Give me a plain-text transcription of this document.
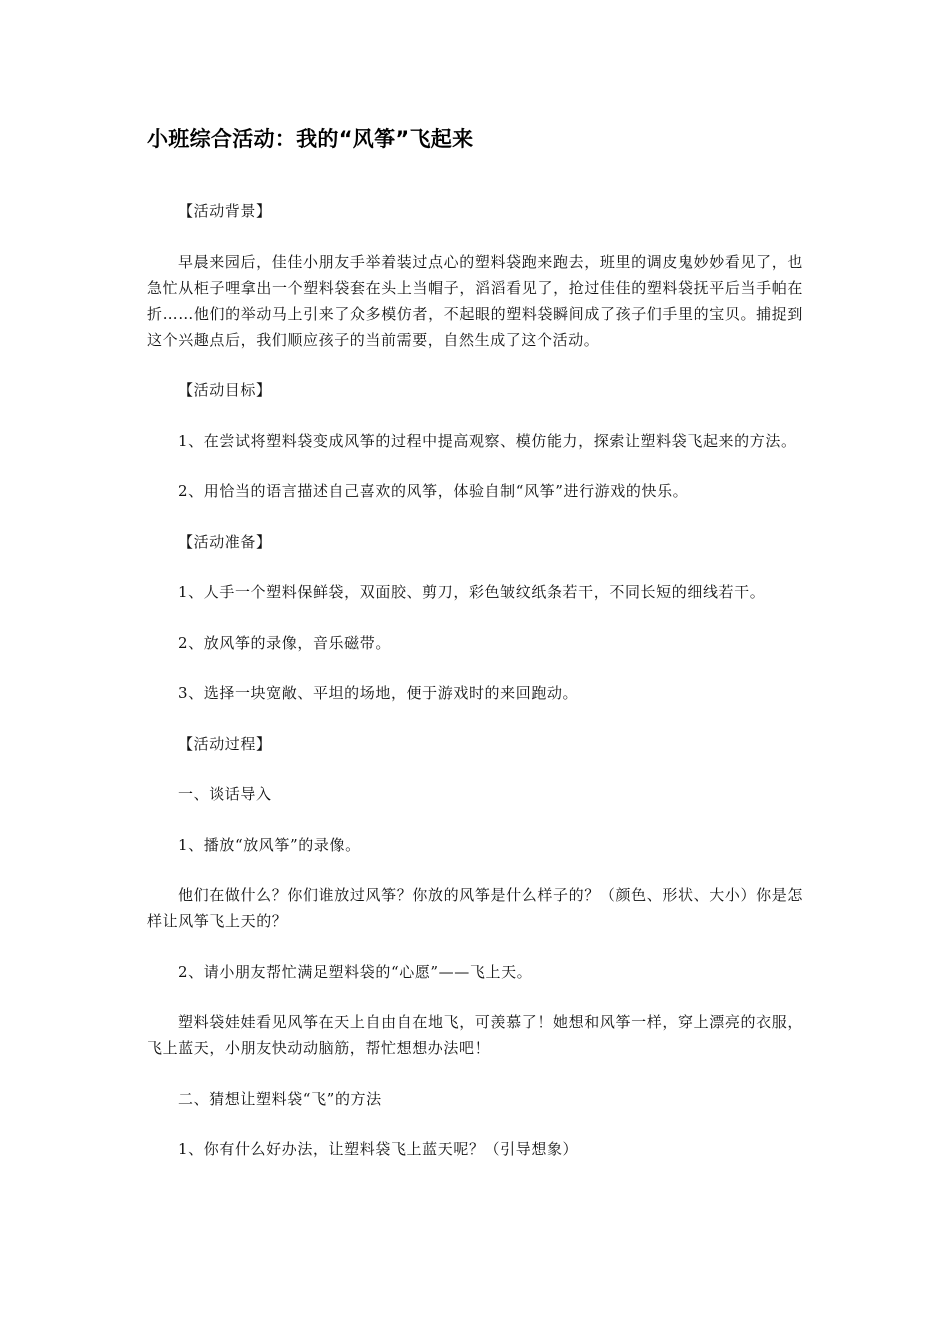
小班综合活动：我的“风筝”飞起来

【活动背景】

早晨来园后，佳佳小朋友手举着装过点心的塑料袋跑来跑去，班里的调皮鬼妙妙看见了，也急忙从柜子哩拿出一个塑料袋套在头上当帽子，滔滔看见了，抢过佳佳的塑料袋抚平后当手帕在折……他们的举动马上引来了众多模仿者，不起眼的塑料袋瞬间成了孩子们手里的宝贝。捕捉到这个兴趣点后，我们顺应孩子的当前需要，自然生成了这个活动。

【活动目标】

1、在尝试将塑料袋变成风筝的过程中提高观察、模仿能力，探索让塑料袋飞起来的方法。

2、用恰当的语言描述自己喜欢的风筝，体验自制“风筝”进行游戏的快乐。

【活动准备】

1、人手一个塑料保鲜袋，双面胶、剪刀，彩色皱纹纸条若干，不同长短的细线若干。

2、放风筝的录像，音乐磁带。

3、选择一块宽敞、平坦的场地，便于游戏时的来回跑动。

【活动过程】

一、谈话导入

1、播放“放风筝”的录像。

他们在做什么？你们谁放过风筝？你放的风筝是什么样子的？（颜色、形状、大小）你是怎样让风筝飞上天的？

2、请小朋友帮忙满足塑料袋的“心愿”——飞上天。

塑料袋娃娃看见风筝在天上自由自在地飞，可羡慕了！她想和风筝一样，穿上漂亮的衣服，飞上蓝天，小朋友快动动脑筋，帮忙想想办法吧！

二、猜想让塑料袋“飞”的方法

1、你有什么好办法，让塑料袋飞上蓝天呢？（引导想象）
